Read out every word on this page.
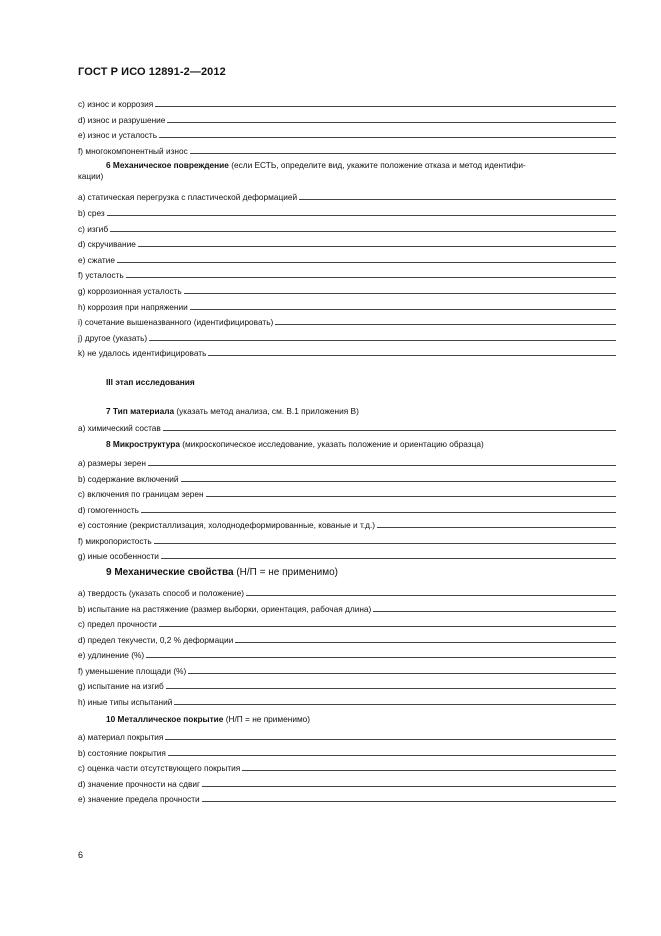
ГОСТ Р ИСО 12891-2—2012
c) износ и коррозия
d) износ и разрушение
e) износ и усталость
f) многокомпонентный износ
6 Механическое повреждение (если ЕСТЬ, определите вид, укажите положение отказа и метод идентифи-
кации)
a) статическая перегрузка с пластической деформацией
b) срез
c) изгиб
d) скручивание
e) сжатие
f) усталость
g) коррозионная усталость
h) коррозия при напряжении
i) сочетание вышеназванного (идентифицировать)
j) другое (указать)
k) не удалось идентифицировать
III этап исследования
7 Тип материала (указать метод анализа, см. В.1 приложения В)
a) химический состав
8 Микроструктура (микроскопическое исследование, указать положение и ориентацию образца)
a) размеры зерен
b) содержание включений
c) включения по границам зерен
d) гомогенность
e) состояние (рекристаллизация, холоднодеформированные, кованые и т.д.)
f) микропористость
g) иные особенности
9 Механические свойства (Н/П = не применимо)
a) твердость (указать способ и положение)
b) испытание на растяжение (размер выборки, ориентация, рабочая длина)
c) предел прочности
d) предел текучести, 0,2 % деформации
e) удлинение (%)
f) уменьшение площади (%)
g) испытание на изгиб
h) иные типы испытаний
10 Металлическое покрытие (Н/П = не применимо)
a) материал покрытия
b) состояние покрытия
c) оценка части отсутствующего покрытия
d) значение прочности на сдвиг
e) значение предела прочности
6
